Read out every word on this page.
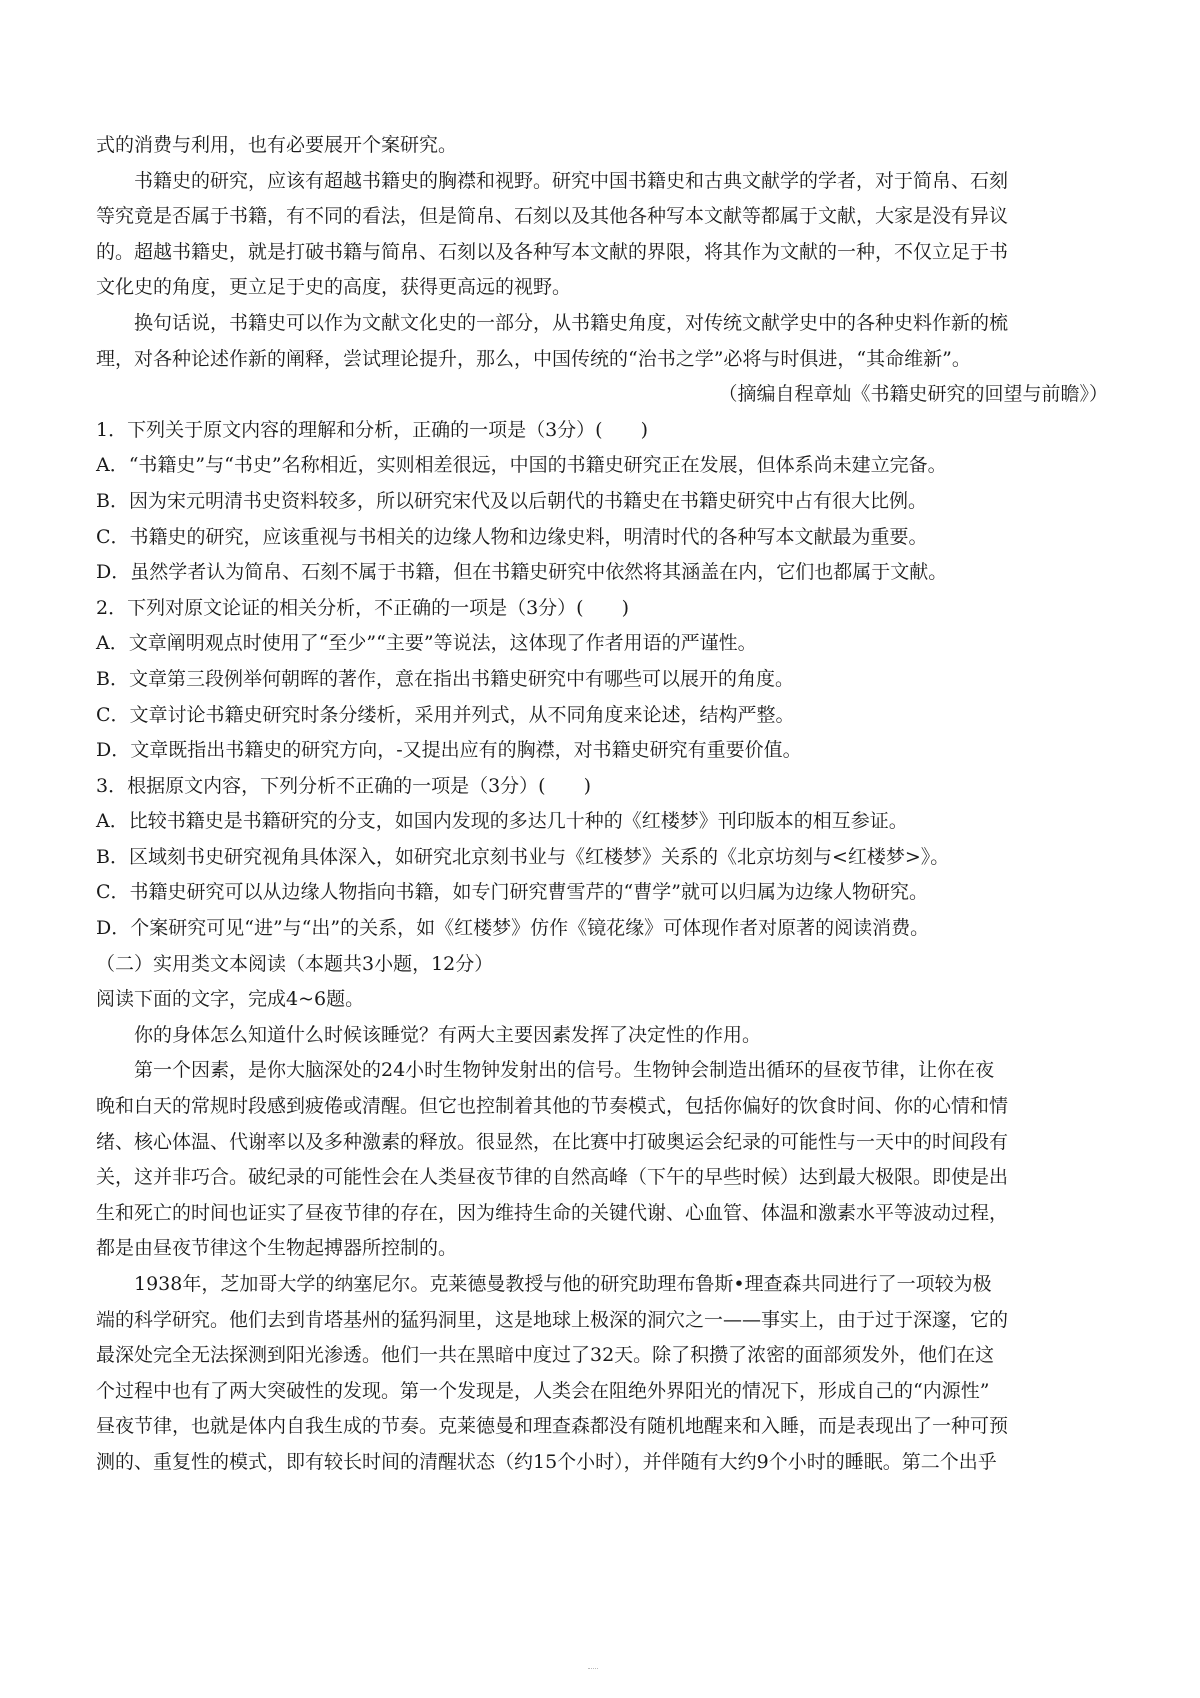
式的消费与利用，也有必要展开个案研究。
书籍史的研究，应该有超越书籍史的胸襟和视野。研究中国书籍史和古典文献学的学者，对于简帛、石刻
等究竟是否属于书籍，有不同的看法，但是简帛、石刻以及其他各种写本文献等都属于文献，大家是没有异议
的。超越书籍史，就是打破书籍与简帛、石刻以及各种写本文献的界限，将其作为文献的一种，不仅立足于书
文化史的角度，更立足于史的高度，获得更高远的视野。
换句话说，书籍史可以作为文献文化史的一部分，从书籍史角度，对传统文献学史中的各种史料作新的梳
理，对各种论述作新的阐释，尝试理论提升，那么，中国传统的“治书之学”必将与时俱进，“其命维新”。
（摘编自程章灿《书籍史研究的回望与前瞻》）
1．下列关于原文内容的理解和分析，正确的一项是（3分）(　　)
A．“书籍史”与“书史”名称相近，实则相差很远，中国的书籍史研究正在发展，但体系尚未建立完备。
B．因为宋元明清书史资料较多，所以研究宋代及以后朝代的书籍史在书籍史研究中占有很大比例。
C．书籍史的研究，应该重视与书相关的边缘人物和边缘史料，明清时代的各种写本文献最为重要。
D．虽然学者认为简帛、石刻不属于书籍，但在书籍史研究中依然将其涵盖在内，它们也都属于文献。
2．下列对原文论证的相关分析，不正确的一项是（3分）(　　)
A．文章阐明观点时使用了“至少”“主要”等说法，这体现了作者用语的严谨性。
B．文章第三段例举何朝晖的著作，意在指出书籍史研究中有哪些可以展开的角度。
C．文章讨论书籍史研究时条分缕析，采用并列式，从不同角度来论述，结构严整。
D．文章既指出书籍史的研究方向，-又提出应有的胸襟，对书籍史研究有重要价值。
3．根据原文内容，下列分析不正确的一项是（3分）(　　)
A．比较书籍史是书籍研究的分支，如国内发现的多达几十种的《红楼梦》刊印版本的相互参证。
B．区域刻书史研究视角具体深入，如研究北京刻书业与《红楼梦》关系的《北京坊刻与<红楼梦>》。
C．书籍史研究可以从边缘人物指向书籍，如专门研究曹雪芹的“曹学”就可以归属为边缘人物研究。
D．个案研究可见“进”与“出”的关系，如《红楼梦》仿作《镜花缘》可体现作者对原著的阅读消费。
（二）实用类文本阅读（本题共3小题，12分）
阅读下面的文字，完成4~6题。
你的身体怎么知道什么时候该睡觉？有两大主要因素发挥了决定性的作用。
第一个因素，是你大脑深处的24小时生物钟发射出的信号。生物钟会制造出循环的昼夜节律，让你在夜
晚和白天的常规时段感到疲倦或清醒。但它也控制着其他的节奏模式，包括你偏好的饮食时间、你的心情和情
绪、核心体温、代谢率以及多种激素的释放。很显然，在比赛中打破奥运会纪录的可能性与一天中的时间段有
关，这并非巧合。破纪录的可能性会在人类昼夜节律的自然高峰（下午的早些时候）达到最大极限。即使是出
生和死亡的时间也证实了昼夜节律的存在，因为维持生命的关键代谢、心血管、体温和激素水平等波动过程，
都是由昼夜节律这个生物起搏器所控制的。
1938年，芝加哥大学的纳塞尼尔。克莱德曼教授与他的研究助理布鲁斯•理查森共同进行了一项较为极
端的科学研究。他们去到肯塔基州的猛犸洞里，这是地球上极深的洞穴之一——事实上，由于过于深邃，它的
最深处完全无法探测到阳光渗透。他们一共在黑暗中度过了32天。除了积攒了浓密的面部须发外，他们在这
个过程中也有了两大突破性的发现。第一个发现是，人类会在阻绝外界阳光的情况下，形成自己的“内源性”
昼夜节律，也就是体内自我生成的节奏。克莱德曼和理查森都没有随机地醒来和入睡，而是表现出了一种可预
测的、重复性的模式，即有较长时间的清醒状态（约15个小时），并伴随有大约9个小时的睡眠。第二个出乎
